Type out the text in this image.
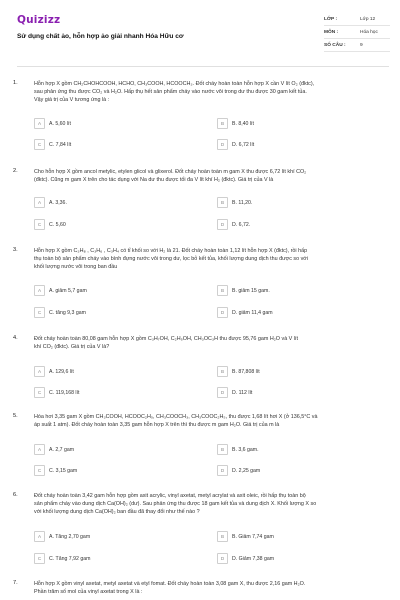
Quizizz
Sử dụng chất ảo, hỗn hợp ảo giải nhanh Hóa Hữu cơ
LỚP :	Lớp 12
MÔN :	Hóa học
SỐ CÂU :	9
1.	Hỗn hợp X gồm CH₂CHOHCOOH, HCHO, CH₃COOH, HCOOCH₃. Đốt cháy hoàn toàn hỗn hợp X cần V lít O₂ (đktc),
sau phản ứng thu được CO₂ và H₂O. Hấp thụ hết sản phẩm cháy vào nước vôi trong dư thu được 30 gam kết tủa.
Vậy giá trị của V tương ứng là :
A	A. 5,60 lít	B	B. 8,40 lít
C	C. 7,84 lít	D	D. 6,72 lít
2.	Cho hỗn hợp X gồm ancol metylic, etylen glicol và glixerol. Đốt cháy hoàn toàn m gam X thu được 6,72 lít khí CO₂
(đktc). Cũng m gam X trên cho tác dụng với Na dư thu được tối đa V lít khí H₂ (đktc). Giá trị của V là
A	A. 3,36.	B	B. 11,20.
C	C. 5,60	D	D. 6,72.
3.	Hỗn hợp X gồm C₃H₈ , C₃H₆ , C₃H₄ có tỉ khối so với H₂ là 21. Đốt cháy hoàn toàn 1,12 lít hỗn hợp X (đktc), rồi hấp
thụ toàn bộ sản phẩm cháy vào bình đựng nước vôi trong dư, lọc bỏ kết tủa, khối lượng dung dịch thu được so với
khối lượng nước vôi trong ban đầu
A	A. giảm 5,7 gam	B	B. giảm 15 gam.
C	C. tăng 9,3 gam	D	D. giảm 11,4 gam
4.	Đốt cháy hoàn toàn 80,08 gam hỗn hợp X gồm C₃H₇OH, C₂H₅OH, CH₃OC₃H thu được 95,76 gam H₂O và V lít
khí CO₂ (đktc). Giá trị của V là?
A	A. 129,6 lít	B	B. 87,808 lít
C	C. 119,168 lít	D	D. 112 lít
5.	Hóa hơi 3,35 gam X gồm CH₃COOH, HCOOC₂H₅, CH₃COOCH₃, CH₃COOC₂H₅, thu được 1,68 lít hơi X (ở 136,5°C và
áp suất 1 atm). Đốt cháy hoàn toàn 3,35 gam hỗn hợp X trên thì thu được m gam H₂O. Giá trị của m là
A	A. 2,7 gam	B	B. 3,6 gam.
C	C. 3,15 gam	D	D. 2,25 gam
6.	Đốt cháy hoàn toàn 3,42 gam hỗn hợp gồm axit acrylic, vinyl axetat, metyl acrylat và axit oleic, rồi hấp thụ toàn bộ
sản phẩm cháy vào dung dịch Ca(OH)₂ (dư). Sau phản ứng thu được 18 gam kết tủa và dung dịch X. Khối lượng X so
với khối lượng dung dịch Ca(OH)₂ ban đầu đã thay đổi như thế nào ?
A	A. Tăng 2,70 gam	B	B. Giảm 7,74 gam
C	C. Tăng 7,92 gam	D	D. Giảm 7,38 gam
7.	Hỗn hợp X gồm vinyl axetat, metyl axetat và etyl fomat. Đốt cháy hoàn toàn 3,08 gam X, thu được 2,16 gam H₂O.
Phần trăm số mol của vinyl axetat trong X là :
